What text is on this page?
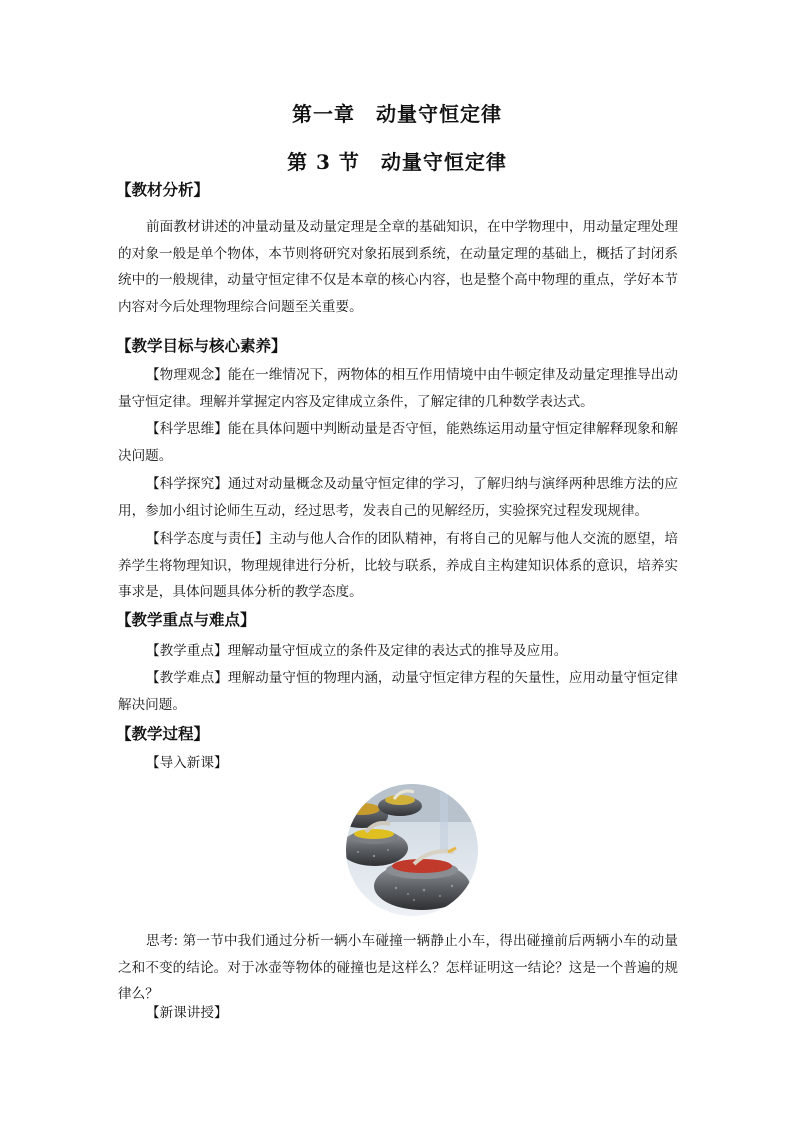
第一章　动量守恒定律
第 3 节　动量守恒定律
【教材分析】

前面教材讲述的冲量动量及动量定理是全章的基础知识，在中学物理中，用动量定理处理的对象一般是单个物体，本节则将研究对象拓展到系统，在动量定理的基础上，概括了封闭系统中的一般规律，动量守恒定律不仅是本章的核心内容，也是整个高中物理的重点，学好本节内容对今后处理物理综合问题至关重要。

【教学目标与核心素养】

【物理观念】能在一维情况下，两物体的相互作用情境中由牛顿定律及动量定理推导出动量守恒定律。理解并掌握定内容及定律成立条件，了解定律的几种数学表达式。

【科学思维】能在具体问题中判断动量是否守恒，能熟练运用动量守恒定律解释现象和解决问题。

【科学探究】通过对动量概念及动量守恒定律的学习，了解归纳与演绎两种思维方法的应用，参加小组讨论师生互动，经过思考，发表自己的见解经历，实验探究过程发现规律。

【科学态度与责任】主动与他人合作的团队精神，有将自己的见解与他人交流的愿望，培养学生将物理知识，物理规律进行分析，比较与联系，养成自主构建知识体系的意识，培养实事求是，具体问题具体分析的教学态度。

【教学重点与难点】

【教学重点】理解动量守恒成立的条件及定律的表达式的推导及应用。

【教学难点】理解动量守恒的物理内涵，动量守恒定律方程的矢量性，应用动量守恒定律解决问题。

【教学过程】
【导入新课】

思考: 第一节中我们通过分析一辆小车碰撞一辆静止小车，得出碰撞前后两辆小车的动量之和不变的结论。对于冰壶等物体的碰撞也是这样么？怎样证明这一结论？这是一个普遍的规律么？

【新课讲授】
